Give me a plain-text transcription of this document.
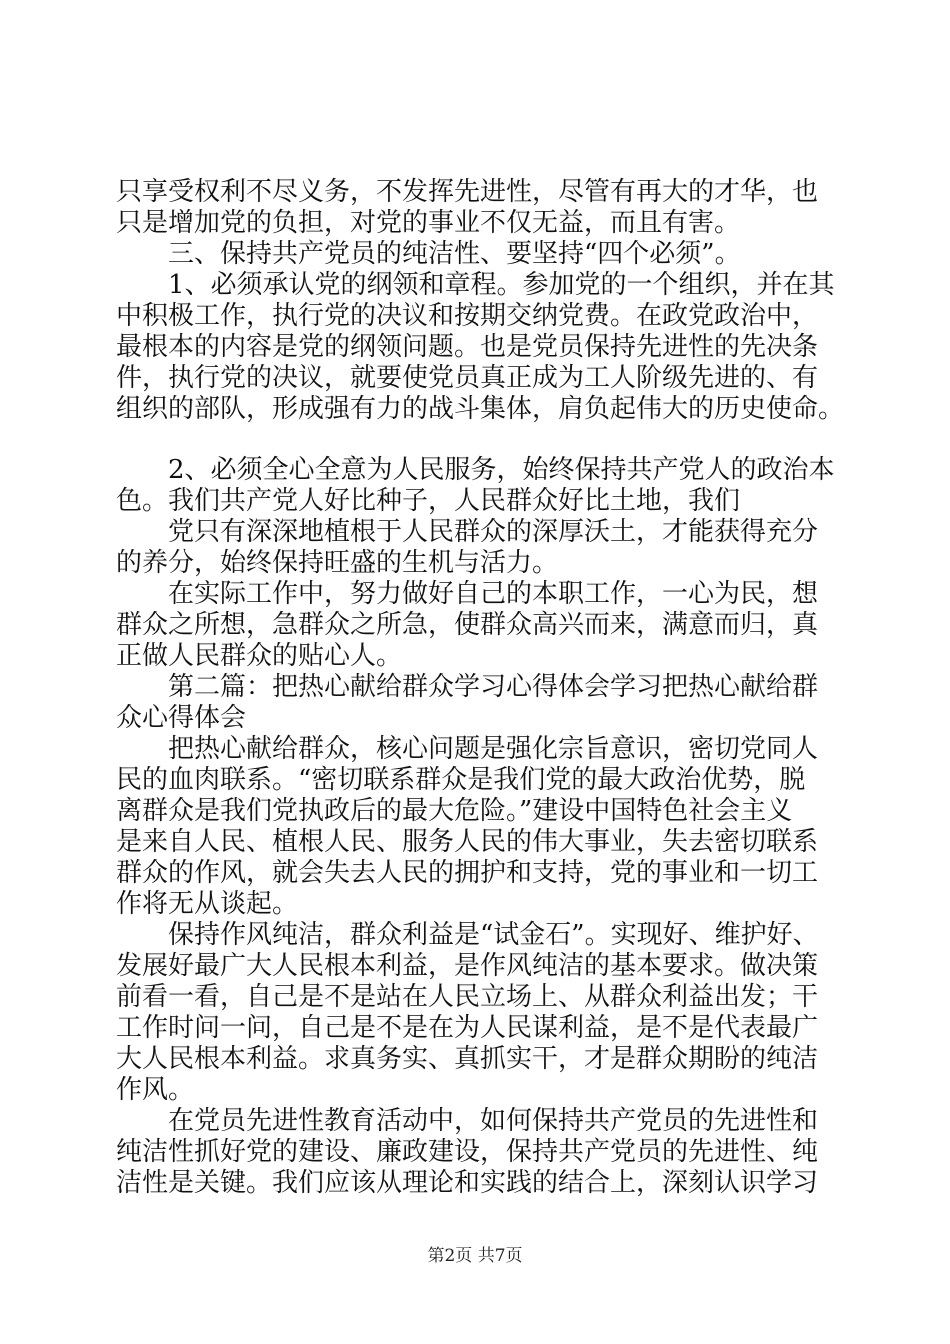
只享受权利不尽义务，不发挥先进性，尽管有再大的才华，也
只是增加党的负担，对党的事业不仅无益，而且有害。
三、保持共产党员的纯洁性、要坚持“四个必须”。
1、必须承认党的纲领和章程。参加党的一个组织，并在其
中积极工作，执行党的决议和按期交纳党费。在政党政治中，
最根本的内容是党的纲领问题。也是党员保持先进性的先决条
件，执行党的决议，就要使党员真正成为工人阶级先进的、有
组织的部队，形成强有力的战斗集体，肩负起伟大的历史使命。
2、必须全心全意为人民服务，始终保持共产党人的政治本
色。我们共产党人好比种子，人民群众好比土地，我们
党只有深深地植根于人民群众的深厚沃土，才能获得充分
的养分，始终保持旺盛的生机与活力。
在实际工作中，努力做好自己的本职工作，一心为民，想
群众之所想，急群众之所急，使群众高兴而来，满意而归，真
正做人民群众的贴心人。
第二篇：把热心献给群众学习心得体会学习把热心献给群
众心得体会
把热心献给群众，核心问题是强化宗旨意识，密切党同人
民的血肉联系。“密切联系群众是我们党的最大政治优势，脱
离群众是我们党执政后的最大危险。”建设中国特色社会主义
是来自人民、植根人民、服务人民的伟大事业，失去密切联系
群众的作风，就会失去人民的拥护和支持，党的事业和一切工
作将无从谈起。
保持作风纯洁，群众利益是“试金石”。实现好、维护好、
发展好最广大人民根本利益，是作风纯洁的基本要求。做决策
前看一看，自己是不是站在人民立场上、从群众利益出发；干
工作时问一问，自己是不是在为人民谋利益，是不是代表最广
大人民根本利益。求真务实、真抓实干，才是群众期盼的纯洁
作风。
在党员先进性教育活动中，如何保持共产党员的先进性和
纯洁性抓好党的建设、廉政建设，保持共产党员的先进性、纯
洁性是关键。我们应该从理论和实践的结合上，深刻认识学习
第2页 共7页
